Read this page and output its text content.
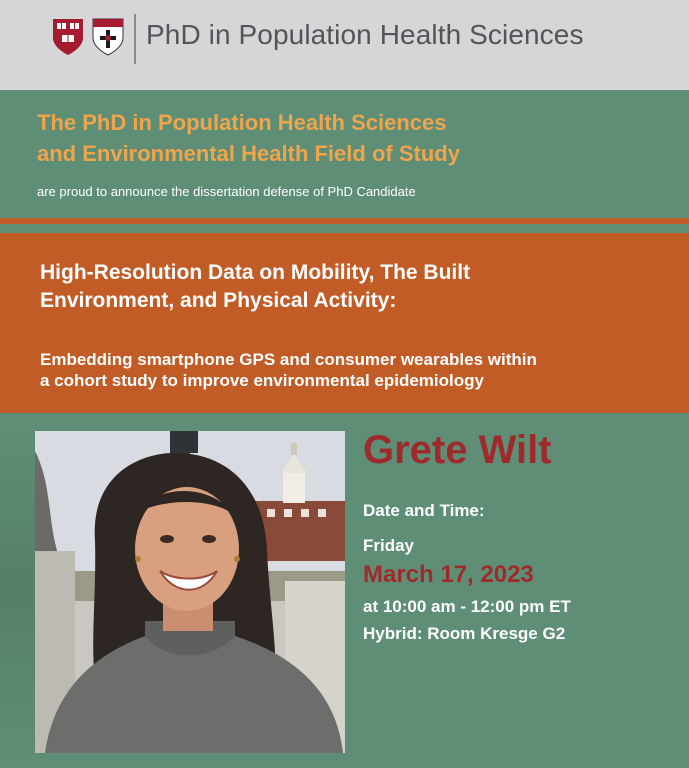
PhD in Population Health Sciences
The PhD in Population Health Sciences
and Environmental Health Field of Study
are proud to announce the dissertation defense of PhD Candidate
High-Resolution Data on Mobility, The Built
Environment, and Physical Activity:
Embedding smartphone GPS and consumer wearables within
a cohort study to improve environmental epidemiology
Grete Wilt
Date and Time:
Friday
March 17, 2023
at 10:00 am - 12:00 pm ET
Hybrid: Room Kresge G2
